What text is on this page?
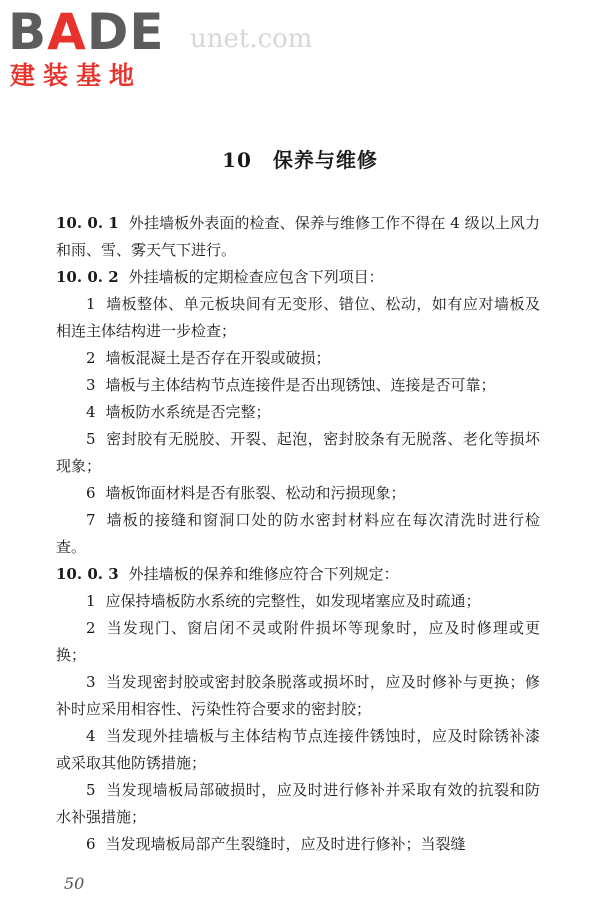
BADE
建装基地
unet.com
10　保养与维修

10. 0. 1 外挂墙板外表面的检查、保养与维修工作不得在 4 级以上风力和雨、雪、雾天气下进行。

10. 0. 2 外挂墙板的定期检查应包含下列项目：

1 墙板整体、单元板块间有无变形、错位、松动，如有应对墙板及相连主体结构进一步检查；

2 墙板混凝土是否存在开裂或破损；

3 墙板与主体结构节点连接件是否出现锈蚀、连接是否可靠；

4 墙板防水系统是否完整；

5 密封胶有无脱胶、开裂、起泡，密封胶条有无脱落、老化等损坏现象；

6 墙板饰面材料是否有胀裂、松动和污损现象；

7 墙板的接缝和窗洞口处的防水密封材料应在每次清洗时进行检查。

10. 0. 3 外挂墙板的保养和维修应符合下列规定：

1 应保持墙板防水系统的完整性，如发现堵塞应及时疏通；

2 当发现门、窗启闭不灵或附件损坏等现象时，应及时修理或更换；

3 当发现密封胶或密封胶条脱落或损坏时，应及时修补与更换；修补时应采用相容性、污染性符合要求的密封胶；

4 当发现外挂墙板与主体结构节点连接件锈蚀时，应及时除锈补漆或采取其他防锈措施；

5 当发现墙板局部破损时，应及时进行修补并采取有效的抗裂和防水补强措施；

6 当发现墙板局部产生裂缝时，应及时进行修补；当裂缝

50
